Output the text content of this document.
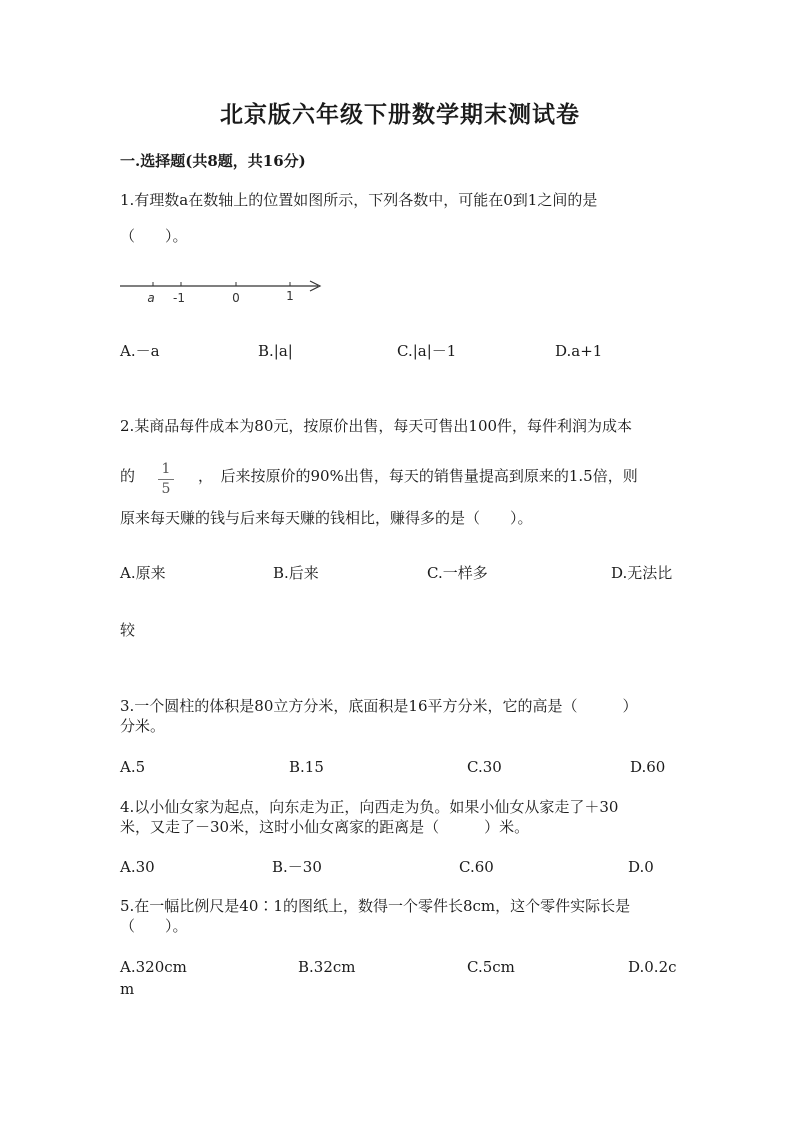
北京版六年级下册数学期末测试卷
一.选择题(共8题，共16分)
1.有理数a在数轴上的位置如图所示，下列各数中，可能在0到1之间的是
（　　）。
a -1	0	1
A.－a	B.|a|	C.|a|－1	D.a+1
2.某商品每件成本为80元，按原价出售，每天可售出100件，每件利润为成本
的	1
5
，　后来按原价的90%出售，每天的销售量提高到原来的1.5倍，则
原来每天赚的钱与后来每天赚的钱相比，赚得多的是（　　）。
A.原来	B.后来	C.一样多	D.无法比
较
3.一个圆柱的体积是80立方分米，底面积是16平方分米，它的高是（　　　）
分米。
A.5	B.15	C.30	D.60
4.以小仙女家为起点，向东走为正，向西走为负。如果小仙女从家走了＋30
米，又走了－30米，这时小仙女离家的距离是（　　　）米。
A.30	B.－30	C.60	D.0
5.在一幅比例尺是40∶1的图纸上，数得一个零件长8cm，这个零件实际长是
（　　）。
A.320cm	B.32cm	C.5cm	D.0.2c
m
